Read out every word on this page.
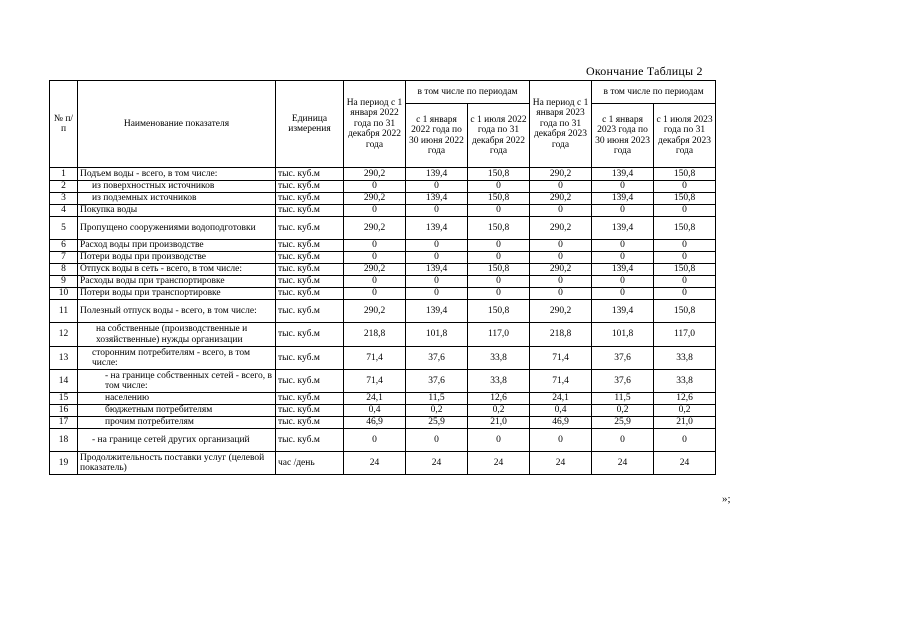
Окончание Таблицы 2
№ п/п	Наименование показателя	Единица измерения	На период с 1 января 2022 года по 31 декабря 2022 года	в том числе по периодам		На период с 1 января 2023 года по 31 декабря 2023 года	в том числе по периодам	
				с 1 января 2022 года по 30 июня 2022 года	с 1 июля 2022 года по 31 декабря 2022 года		с 1 января 2023 года по 30 июня 2023 года	с 1 июля 2023 года по 31 декабря 2023 года
1	Подъем воды - всего, в том числе:	тыс. куб.м	290,2	139,4	150,8	290,2	139,4	150,8
2	из поверхностных источников	тыс. куб.м	0	0	0	0	0	0
3	из подземных источников	тыс. куб.м	290,2	139,4	150,8	290,2	139,4	150,8
4	Покупка воды	тыс. куб.м	0	0	0	0	0	0
5	Пропущено сооружениями водоподготовки	тыс. куб.м	290,2	139,4	150,8	290,2	139,4	150,8
6	Расход воды при производстве	тыс. куб.м	0	0	0	0	0	0
7	Потери воды при производстве	тыс. куб.м	0	0	0	0	0	0
8	Отпуск воды в сеть - всего, в том числе:	тыс. куб.м	290,2	139,4	150,8	290,2	139,4	150,8
9	Расходы воды при транспортировке	тыс. куб.м	0	0	0	0	0	0
10	Потери воды при транспортировке	тыс. куб.м	0	0	0	0	0	0
11	Полезный отпуск воды - всего, в том числе:	тыс. куб.м	290,2	139,4	150,8	290,2	139,4	150,8
12	на собственные (производственные и хозяйственные) нужды организации	тыс. куб.м	218,8	101,8	117,0	218,8	101,8	117,0
13	сторонним потребителям - всего, в том числе:	тыс. куб.м	71,4	37,6	33,8	71,4	37,6	33,8
14	- на границе собственных сетей - всего, в том числе:	тыс. куб.м	71,4	37,6	33,8	71,4	37,6	33,8
15	населению	тыс. куб.м	24,1	11,5	12,6	24,1	11,5	12,6
16	бюджетным потребителям	тыс. куб.м	0,4	0,2	0,2	0,4	0,2	0,2
17	прочим потребителям	тыс. куб.м	46,9	25,9	21,0	46,9	25,9	21,0
18	- на границе сетей других организаций	тыс. куб.м	0	0	0	0	0	0
19	Продолжительность поставки услуг (целевой показатель)	час /день	24	24	24	24	24	24
»;
